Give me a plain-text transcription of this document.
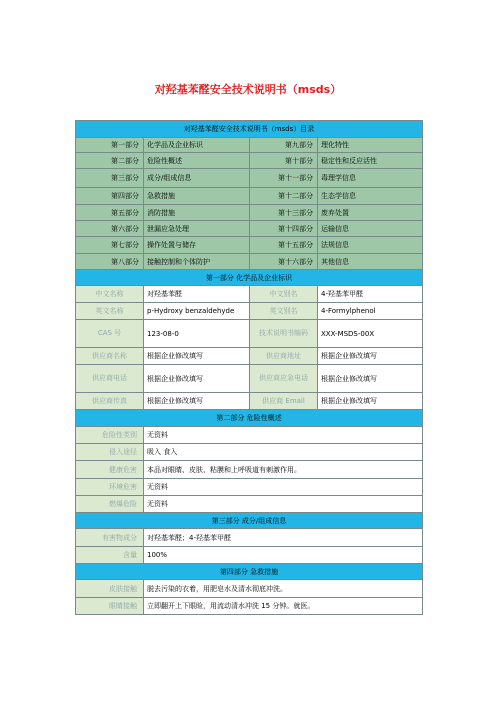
对羟基苯醛安全技术说明书（msds）
对羟基苯醛安全技术说明书（msds）目录			
第一部分	化学品及企业标识	第九部分	理化特性
第二部分	危险性概述	第十部分	稳定性和反应活性
第三部分	成分/组成信息	第十一部分	毒理学信息
第四部分	急救措施	第十二部分	生态学信息
第五部分	消防措施	第十三部分	废弃处置
第六部分	泄漏应急处理	第十四部分	运输信息
第七部分	操作处置与储存	第十五部分	法规信息
第八部分	接触控制和个体防护	第十六部分	其他信息
第一部分 化学品及企业标识			
中文名称	对羟基苯醛	中文别名	4-羟基苯甲醛
英文名称	p-Hydroxy benzaldehyde	英文别名	4-Formylphenol
CAS 号	123-08-0	技术说明书编码	XXX-MSDS-00X
供应商名称	根据企业修改填写	供应商地址	根据企业修改填写
供应商电话	根据企业修改填写	供应商应急电话	根据企业修改填写
供应商传真	根据企业修改填写	供应商 Email	根据企业修改填写
第二部分 危险性概述			
危险性类别	无资料		
侵入途径	吸入 食入		
健康危害	本品对眼睛、皮肤、粘膜和上呼吸道有刺激作用。		
环境危害	无资料		
燃爆危险	无资料		
第三部分 成分/组成信息			
有害物成分	对羟基苯醛；4-羟基苯甲醛		
含量	100%		
第四部分 急救措施			
皮肤接触	脱去污染的衣着，用肥皂水及清水彻底冲洗。		
眼睛接触	立即翻开上下眼睑，用流动清水冲洗 15 分钟。就医。		
